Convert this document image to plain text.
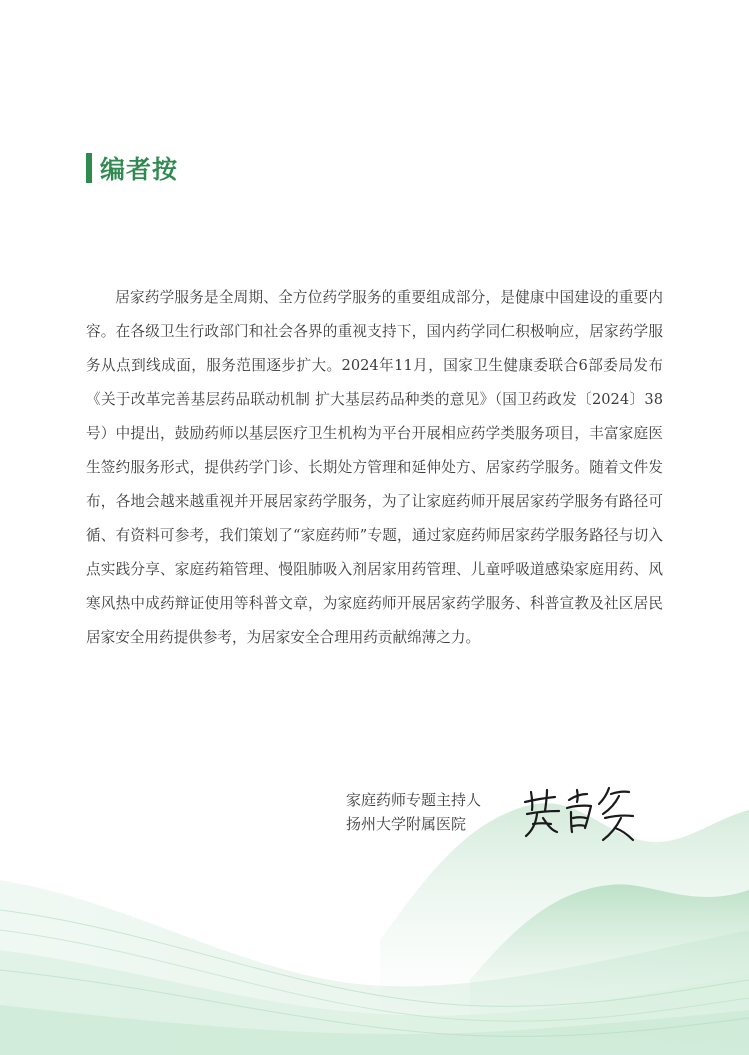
编者按

居家药学服务是全周期、全方位药学服务的重要组成部分，是健康中国建设的重要内容。在各级卫生行政部门和社会各界的重视支持下，国内药学同仁积极响应，居家药学服务从点到线成面，服务范围逐步扩大。2024年11月，国家卫生健康委联合6部委局发布《关于改革完善基层药品联动机制 扩大基层药品种类的意见》（国卫药政发〔2024〕38号）中提出，鼓励药师以基层医疗卫生机构为平台开展相应药学类服务项目，丰富家庭医生签约服务形式，提供药学门诊、长期处方管理和延伸处方、居家药学服务。随着文件发布，各地会越来越重视并开展居家药学服务，为了让家庭药师开展居家药学服务有路径可循、有资料可参考，我们策划了“家庭药师”专题，通过家庭药师居家药学服务路径与切入点实践分享、家庭药箱管理、慢阻肺吸入剂居家用药管理、儿童呼吸道感染家庭用药、风寒风热中成药辩证使用等科普文章，为家庭药师开展居家药学服务、科普宣教及社区居民居家安全用药提供参考，为居家安全合理用药贡献绵薄之力。

家庭药师专题主持人
扬州大学附属医院
